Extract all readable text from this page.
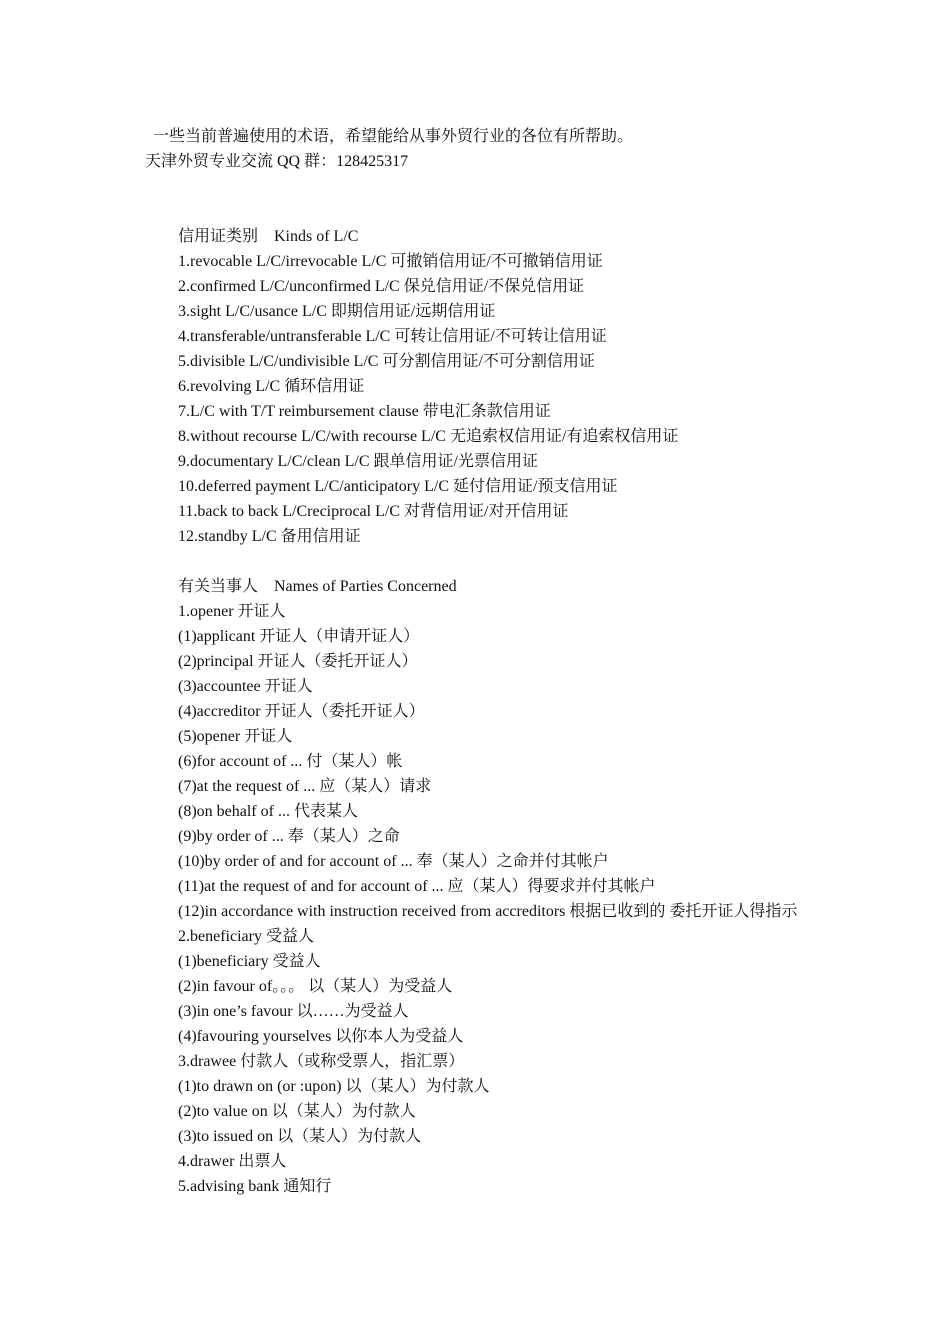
一些当前普遍使用的术语，希望能给从事外贸行业的各位有所帮助。
天津外贸专业交流 QQ 群：128425317
信用证类别　Kinds of L/C
1.revocable L/C/irrevocable L/C 可撤销信用证/不可撤销信用证
2.confirmed L/C/unconfirmed L/C 保兑信用证/不保兑信用证
3.sight L/C/usance L/C 即期信用证/远期信用证
4.transferable/untransferable L/C 可转让信用证/不可转让信用证
5.divisible L/C/undivisible L/C 可分割信用证/不可分割信用证
6.revolving L/C 循环信用证
7.L/C with T/T reimbursement clause 带电汇条款信用证
8.without recourse L/C/with recourse L/C 无追索权信用证/有追索权信用证
9.documentary L/C/clean L/C 跟单信用证/光票信用证
10.deferred payment L/C/anticipatory L/C 延付信用证/预支信用证
11.back to back L/Creciprocal L/C 对背信用证/对开信用证
12.standby L/C 备用信用证
有关当事人　Names of Parties Concerned
1.opener 开证人
(1)applicant 开证人（申请开证人）
(2)principal 开证人（委托开证人）
(3)accountee 开证人
(4)accreditor 开证人（委托开证人）
(5)opener 开证人
(6)for account of ... 付（某人）帐
(7)at the request of ... 应（某人）请求
(8)on behalf of ... 代表某人
(9)by order of ... 奉（某人）之命
(10)by order of and for account of ... 奉（某人）之命并付其帐户
(11)at the request of and for account of ... 应（某人）得要求并付其帐户
(12)in accordance with instruction received from accreditors 根据已收到的 委托开证人得指示
2.beneficiary 受益人
(1)beneficiary 受益人
(2)in favour of。。。 以（某人）为受益人
(3)in one’s favour 以……为受益人
(4)favouring yourselves 以你本人为受益人
3.drawee 付款人（或称受票人，指汇票）
(1)to drawn on (or :upon) 以（某人）为付款人
(2)to value on 以（某人）为付款人
(3)to issued on 以（某人）为付款人
4.drawer 出票人
5.advising bank 通知行
